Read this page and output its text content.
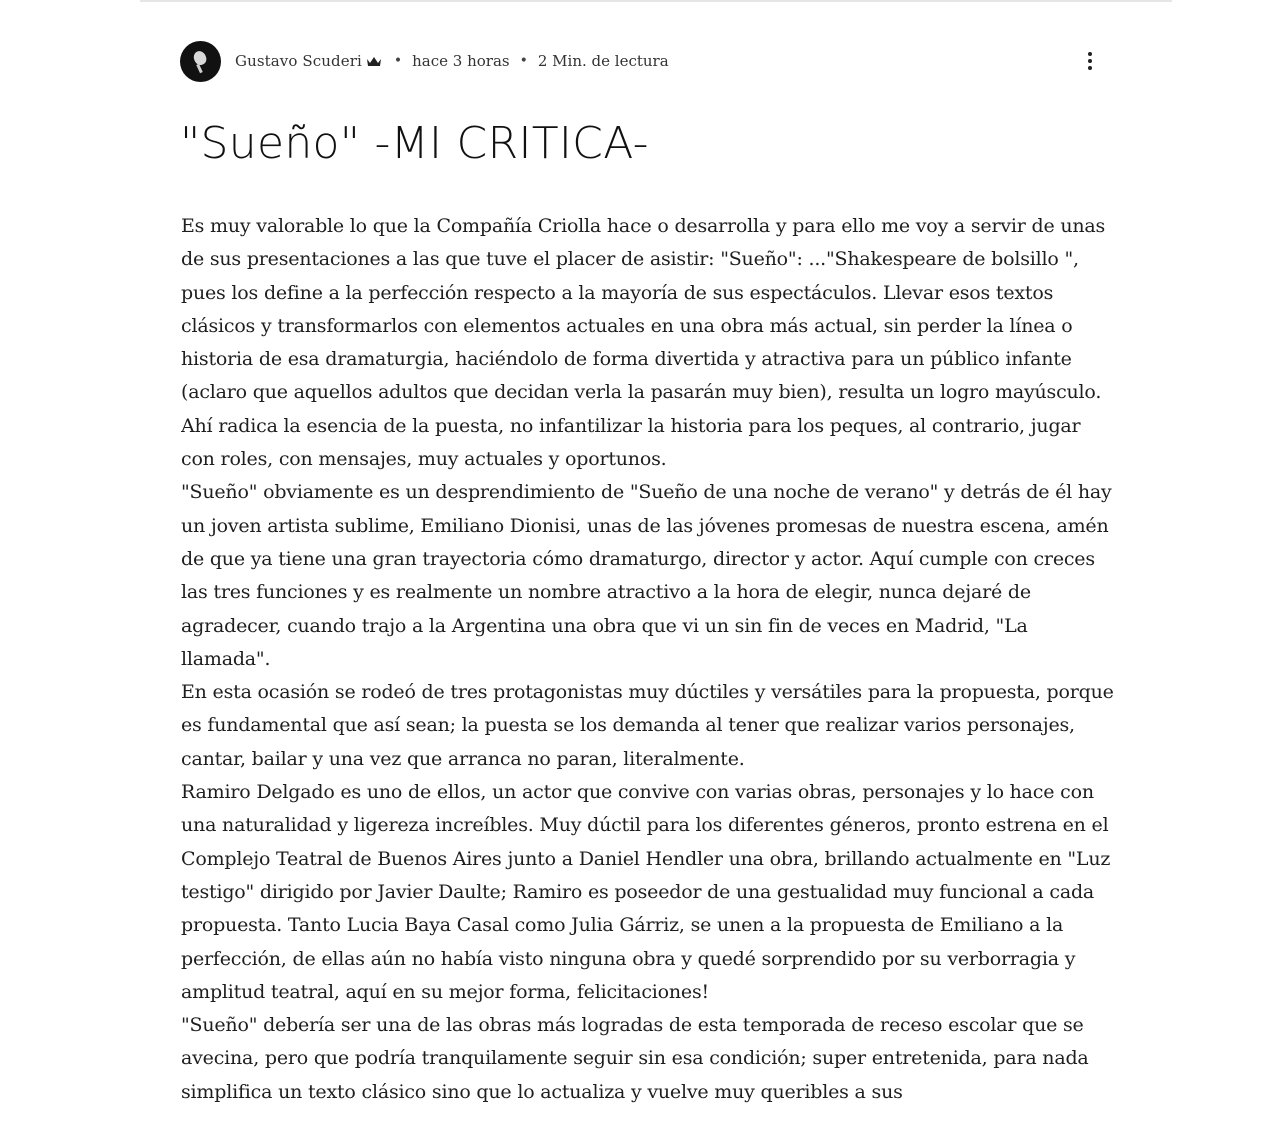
Gustavo Scuderi • hace 3 horas • 2 Min. de lectura
"Sueño" -MI CRITICA-

Es muy valorable lo que la Compañía Criolla hace o desarrolla y para ello me voy a servir de unas de sus presentaciones a las que tuve el placer de asistir: "Sueño": ..."Shakespeare de bolsillo ", pues los define a la perfección respecto a la mayoría de sus espectáculos. Llevar esos textos clásicos y transformarlos con elementos actuales en una obra más actual, sin perder la línea o historia de esa dramaturgia, haciéndolo de forma divertida y atractiva para un público infante (aclaro que aquellos adultos que decidan verla la pasarán muy bien), resulta un logro mayúsculo. Ahí radica la esencia de la puesta, no infantilizar la historia para los peques, al contrario, jugar con roles, con mensajes, muy actuales y oportunos.

"Sueño" obviamente es un desprendimiento de "Sueño de una noche de verano" y detrás de él hay un joven artista sublime, Emiliano Dionisi, unas de las jóvenes promesas de nuestra escena, amén de que ya tiene una gran trayectoria cómo dramaturgo, director y actor. Aquí cumple con creces las tres funciones y es realmente un nombre atractivo a la hora de elegir, nunca dejaré de agradecer, cuando trajo a la Argentina una obra que vi un sin fin de veces en Madrid, "La llamada".

En esta ocasión se rodeó de tres protagonistas muy dúctiles y versátiles para la propuesta, porque es fundamental que así sean; la puesta se los demanda al tener que realizar varios personajes, cantar, bailar y una vez que arranca no paran, literalmente.

Ramiro Delgado es uno de ellos, un actor que convive con varias obras, personajes y lo hace con una naturalidad y ligereza increíbles. Muy dúctil para los diferentes géneros, pronto estrena en el Complejo Teatral de Buenos Aires junto a Daniel Hendler una obra, brillando actualmente en "Luz testigo" dirigido por Javier Daulte; Ramiro es poseedor de una gestualidad muy funcional a cada propuesta. Tanto Lucia Baya Casal como Julia Gárriz, se unen a la propuesta de Emiliano a la perfección, de ellas aún no había visto ninguna obra y quedé sorprendido por su verborragia y amplitud teatral, aquí en su mejor forma, felicitaciones!

"Sueño" debería ser una de las obras más logradas de esta temporada de receso escolar que se avecina, pero que podría tranquilamente seguir sin esa condición; super entretenida, para nada simplifica un texto clásico sino que lo actualiza y vuelve muy queribles a sus
